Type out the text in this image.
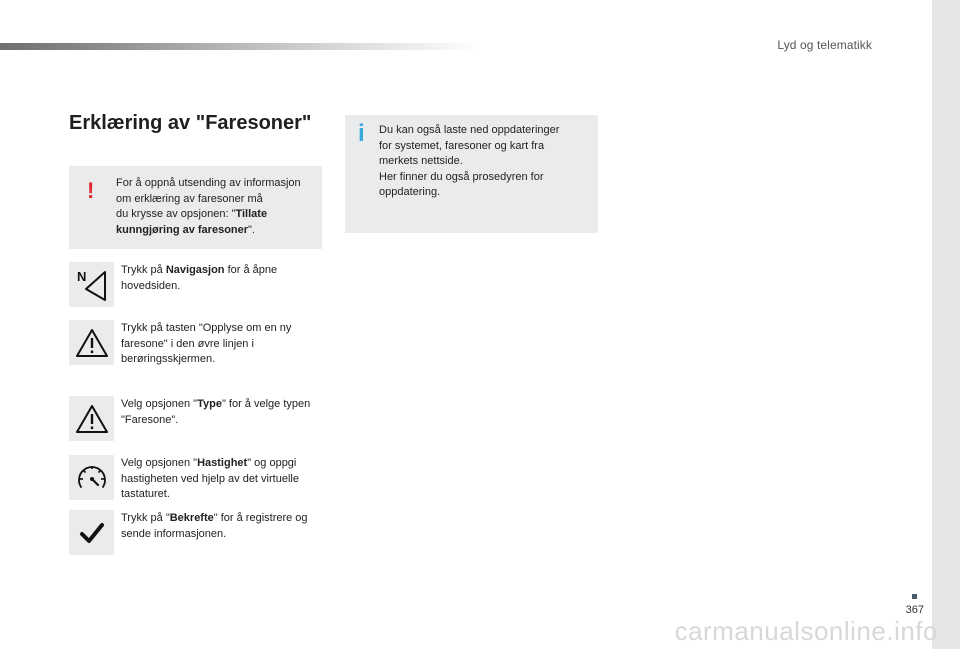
Lyd og telematikk
Erklæring av "Faresoner"
! For å oppnå utsending av informasjon
om erklæring av faresoner må
du krysse av opsjonen: "Tillate kunngjøring av faresoner".
i Du kan også laste ned oppdateringer
for systemet, faresoner og kart fra
merkets nettside.
Her finner du også prosedyren for
oppdatering.
N	Trykk på Navigasjon for å åpne hovedsiden.
Trykk på tasten "Opplyse om en ny faresone" i den øvre linjen i berøringsskjermen.
Velg opsjonen "Type" for å velge typen "Faresone".
Velg opsjonen "Hastighet" og oppgi hastigheten ved hjelp av det virtuelle tastaturet.
Trykk på "Bekrefte" for å registrere og sende informasjonen.
367
carmanualsonline.info
